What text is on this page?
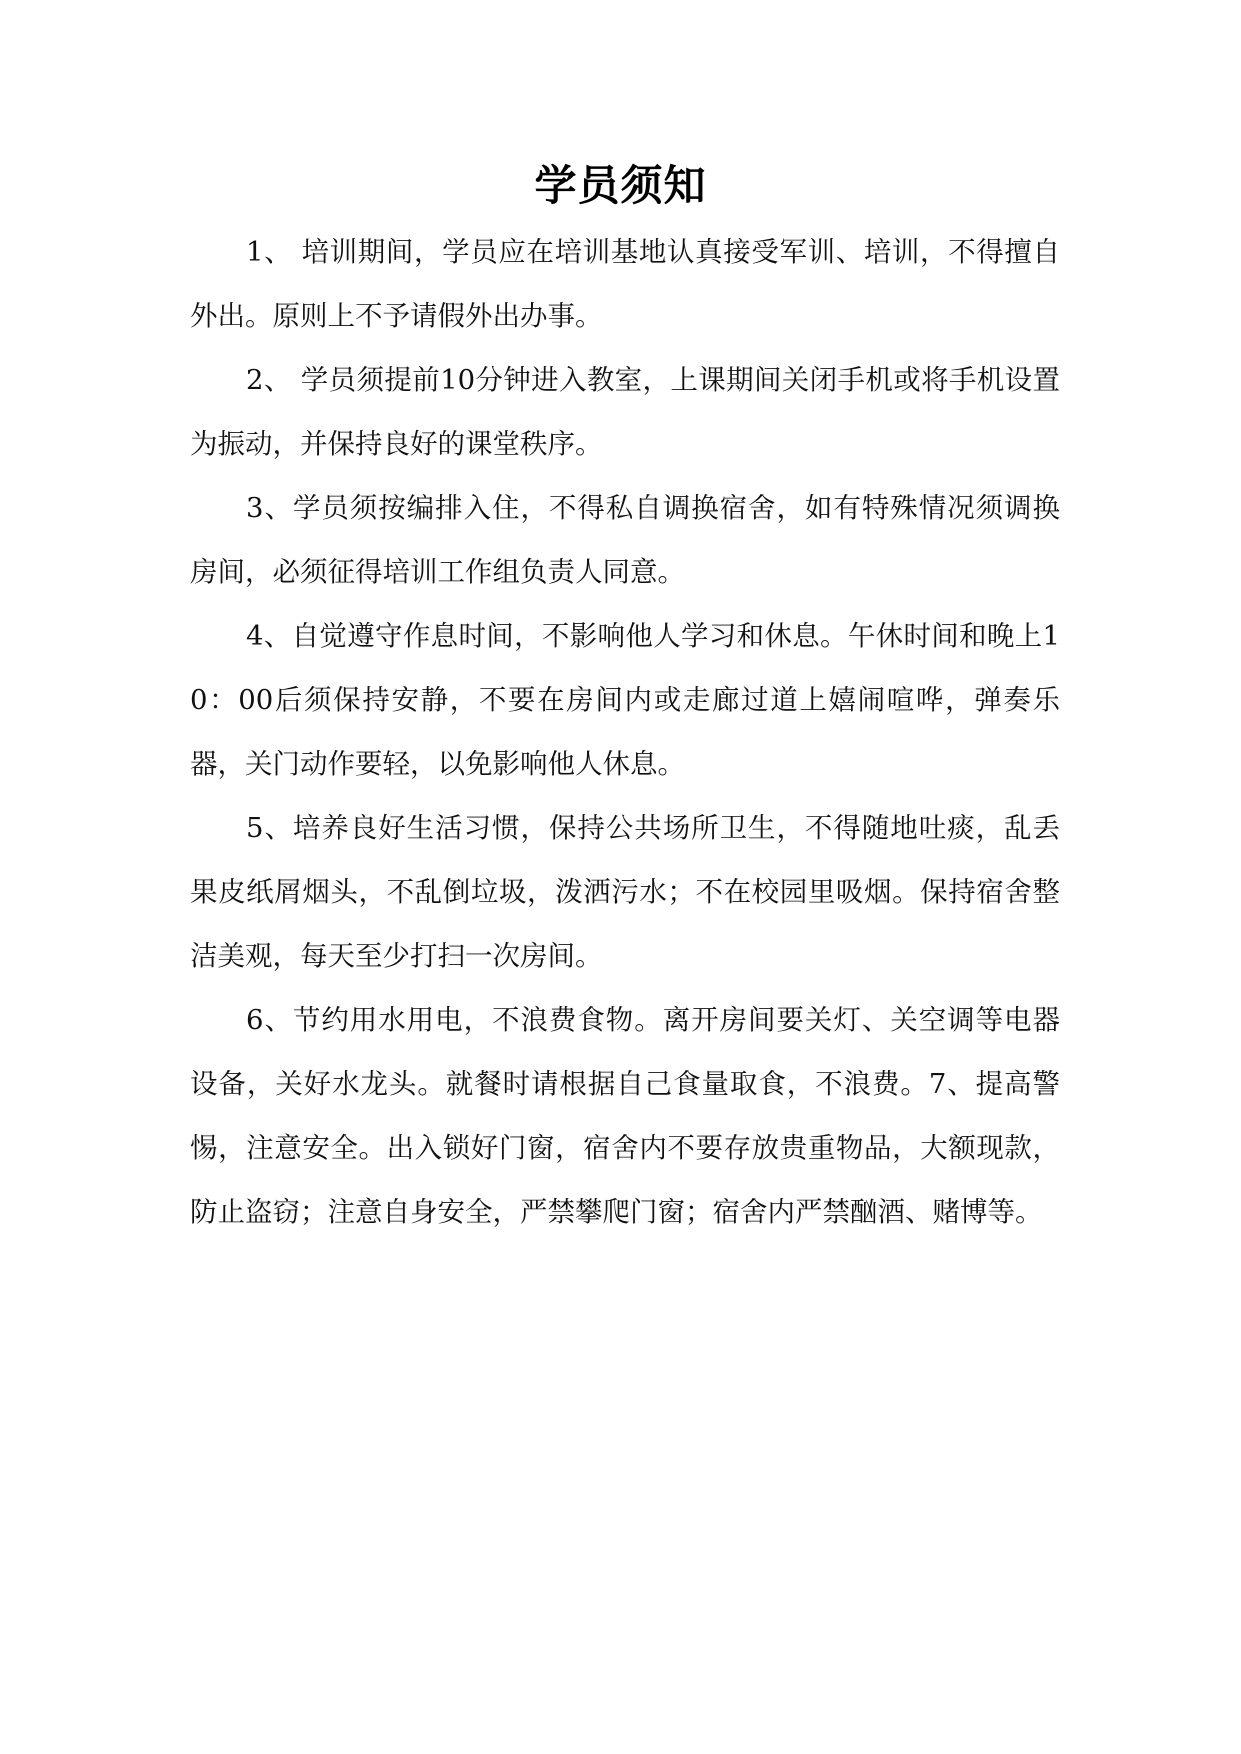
学员须知

1、 培训期间，学员应在培训基地认真接受军训、培训，不得擅自外出。原则上不予请假外出办事。

2、 学员须提前10分钟进入教室，上课期间关闭手机或将手机设置为振动，并保持良好的课堂秩序。

3、学员须按编排入住，不得私自调换宿舍，如有特殊情况须调换房间，必须征得培训工作组负责人同意。

4、自觉遵守作息时间，不影响他人学习和休息。午休时间和晚上10：00后须保持安静，不要在房间内或走廊过道上嬉闹喧哗，弹奏乐器，关门动作要轻，以免影响他人休息。

5、培养良好生活习惯，保持公共场所卫生，不得随地吐痰，乱丢果皮纸屑烟头，不乱倒垃圾，泼洒污水；不在校园里吸烟。保持宿舍整洁美观，每天至少打扫一次房间。

6、节约用水用电，不浪费食物。离开房间要关灯、关空调等电器设备，关好水龙头。就餐时请根据自己食量取食，不浪费。7、提高警惕，注意安全。出入锁好门窗，宿舍内不要存放贵重物品，大额现款，防止盗窃；注意自身安全，严禁攀爬门窗；宿舍内严禁酗酒、赌博等。
